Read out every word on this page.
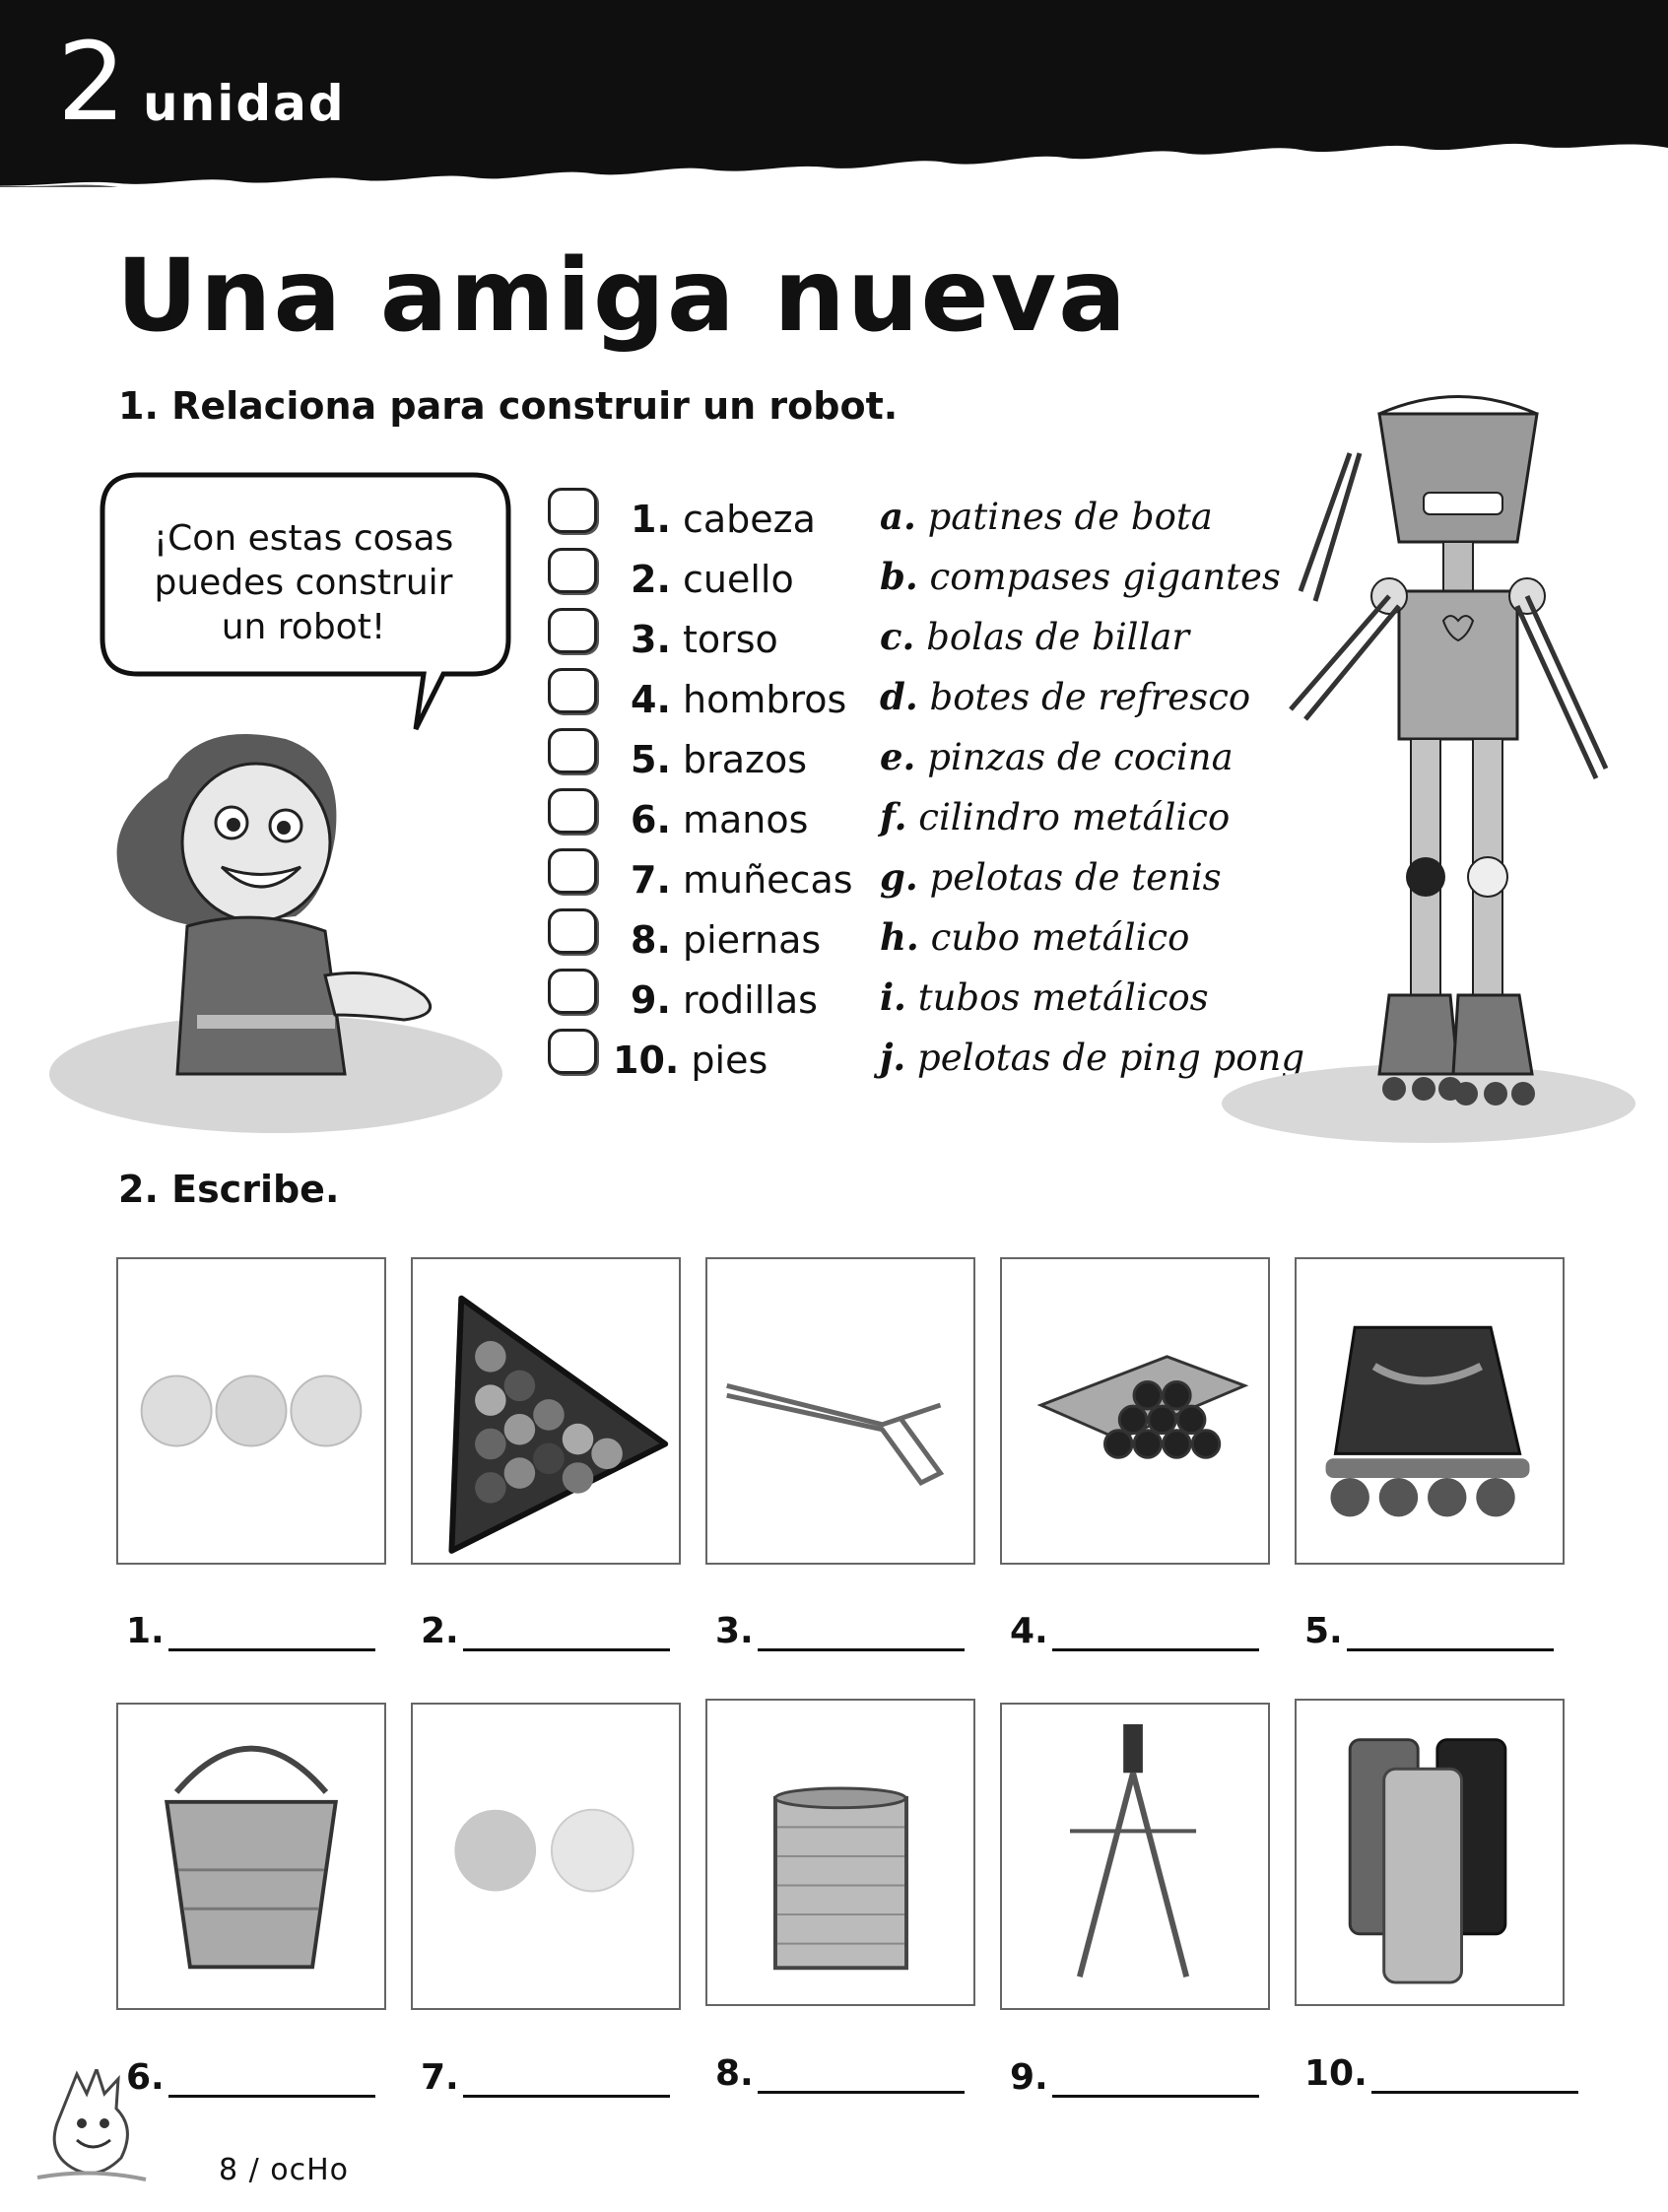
2 unidad
Una amiga nueva
1. Relaciona para construir un robot.
¡Con estas cosas
puedes construir
un robot!
1. cabeza
2. cuello
3. torso
4. hombros
5. brazos
6. manos
7. muñecas
8. piernas
9. rodillas
10. pies
a. patines de bota
b. compases gigantes
c. bolas de billar
d. botes de refresco
e. pinzas de cocina
f. cilindro metálico
g. pelotas de tenis
h. cubo metálico
i. tubos metálicos
j. pelotas de ping pong
2. Escribe.
1.	2.	3.	4.	5.
6.	7.	8.	9.	10.
8 / ocHo
